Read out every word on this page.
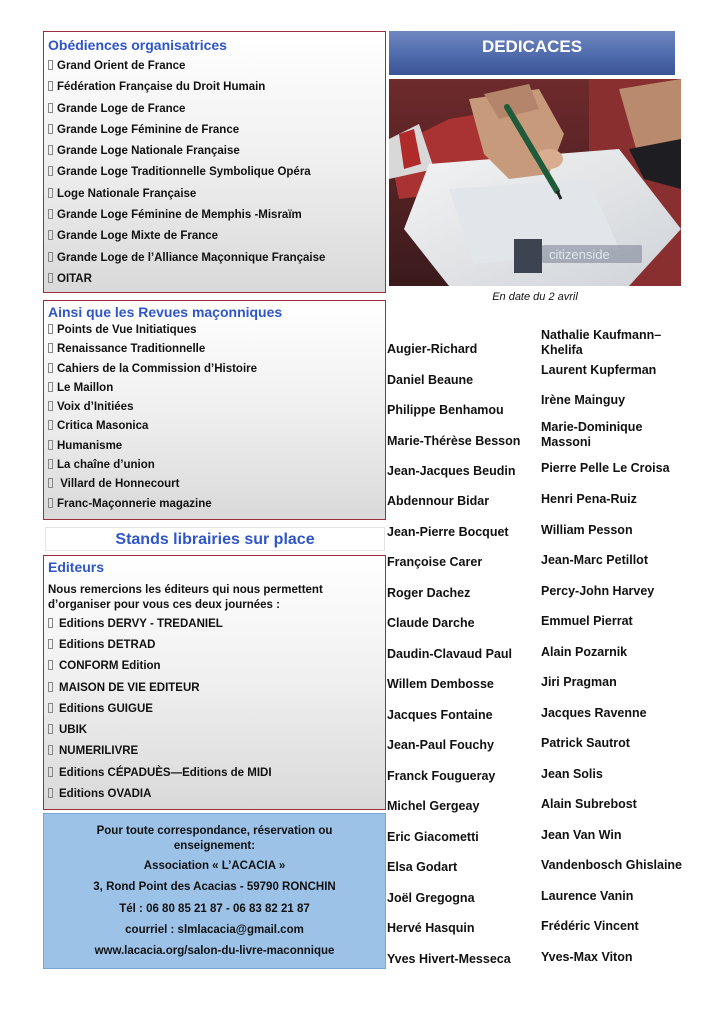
Obédiences organisatrices
Grand Orient de France
Fédération Française du Droit Humain
Grande Loge de France
Grande Loge Féminine de France
Grande Loge Nationale Française
Grande Loge Traditionnelle Symbolique Opéra
Loge Nationale Française
Grande Loge Féminine de Memphis -Misraïm
Grande Loge Mixte de France
Grande Loge de l’Alliance Maçonnique Française
OITAR
Ainsi que les Revues maçonniques
Points de Vue Initiatiques
Renaissance Traditionnelle
Cahiers de la Commission d’Histoire
Le Maillon
Voix d’Initiées
Critica Masonica
Humanisme
La chaîne d’union
Villard de Honnecourt
Franc-Maçonnerie magazine
Stands librairies sur place
Editeurs
Nous remercions les éditeurs qui nous permettent d’organiser pour vous ces deux journées :
Editions DERVY - TREDANIEL
Editions DETRAD
CONFORM Edition
MAISON DE VIE EDITEUR
Editions GUIGUE
UBIK
NUMERILIVRE
Editions CÉPADUÈS—Editions de MIDI
Editions OVADIA
Pour toute correspondance, réservation ou
enseignement:
Association « L’ACACIA »
3, Rond Point des Acacias - 59790 RONCHIN
Tél : 06 80 85 21 87 - 06 83 82 21 87
courriel : slmlacacia@gmail.com
www.lacacia.org/salon-du-livre-maconnique
DEDICACES
citizenside
En date du 2 avril
Augier-Richard
Daniel Beaune
Philippe Benhamou
Marie-Thérèse Besson
Jean-Jacques Beudin
Abdennour Bidar
Jean-Pierre Bocquet
Françoise Carer
Roger Dachez
Claude Darche
Daudin-Clavaud Paul
Willem Dembosse
Jacques Fontaine
Jean-Paul Fouchy
Franck Fougueray
Michel Gergeay
Eric Giacometti
Elsa Godart
Joël Gregogna
Hervé Hasquin
Yves Hivert-Messeca
Nathalie Kaufmann–Khelifa
Laurent Kupferman
Irène Mainguy
Marie-Dominique Massoni
Pierre Pelle Le Croisa
Henri Pena-Ruiz
William Pesson
Jean-Marc Petillot
Percy-John Harvey
Emmuel Pierrat
Alain Pozarnik
Jiri Pragman
Jacques Ravenne
Patrick Sautrot
Jean Solis
Alain Subrebost
Jean Van Win
Vandenbosch Ghislaine
Laurence Vanin
Frédéric Vincent
Yves-Max Viton
